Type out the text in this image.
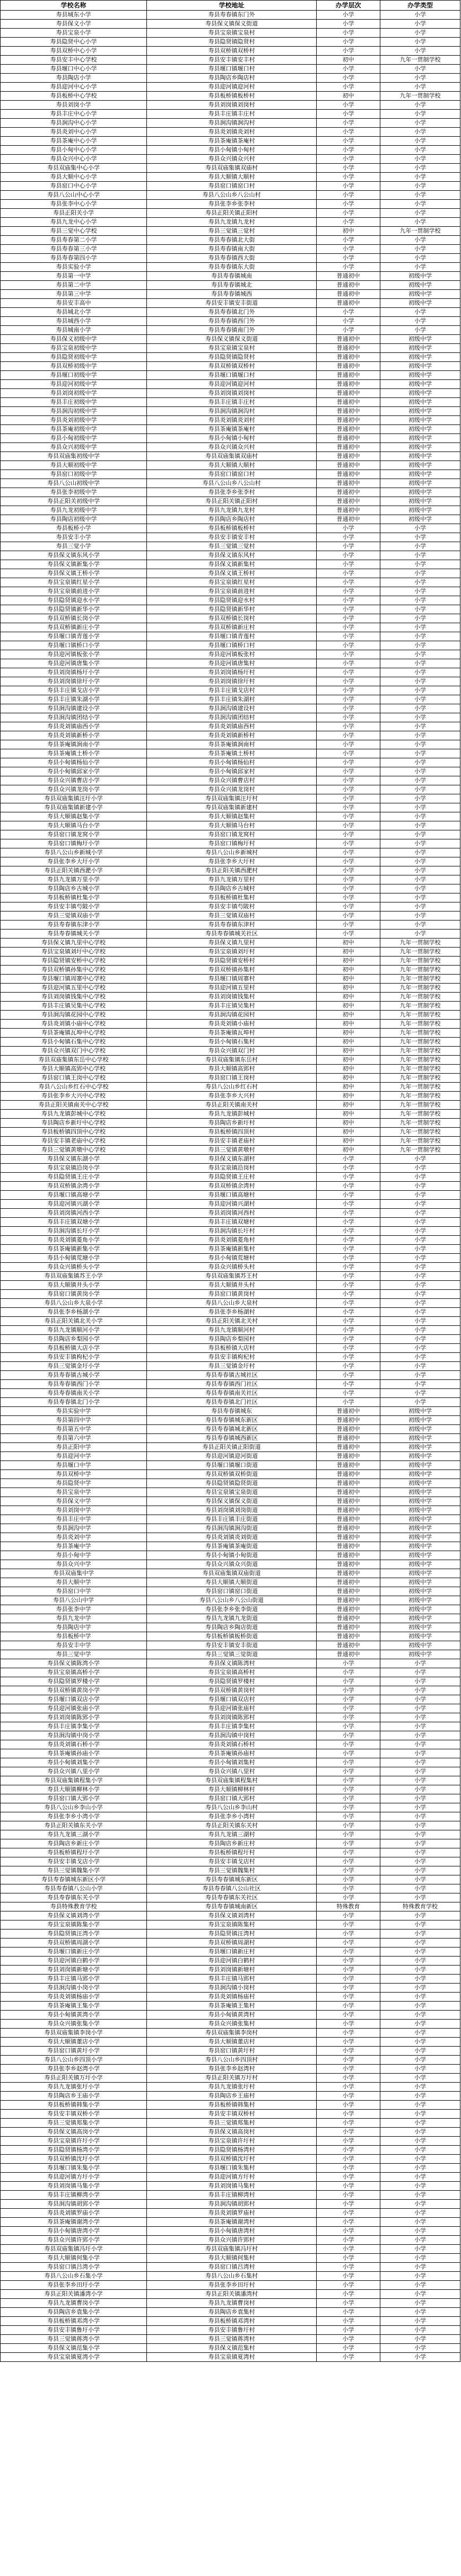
学校名称	学校地址	办学层次	办学类型
寿县城东小学	寿县寿春镇东门外	小学	小学
寿县保义小学	寿县保义镇保义街道	小学	小学
寿县宝泉小学	寿县宝泉镇宝泉村	小学	小学
寿县隐贤中心小学	寿县隐贤镇隐贤村	小学	小学
寿县双桥中心小学	寿县双桥镇双桥村	小学	小学
寿县安丰中心学校	寿县安丰镇安丰村	初中	九年一贯制学校
寿县堰口中心小学	寿县堰口镇堰口村	小学	小学
寿县陶店小学	寿县陶店乡陶店村	小学	小学
寿县迎河中心小学	寿县迎河镇迎河村	小学	小学
寿县板桥中心学校	寿县板桥镇板桥村	初中	九年一贯制学校
寿县刘岗小学	寿县刘岗镇刘岗村	小学	小学
寿县丰庄中心小学	寿县丰庄镇丰庄村	小学	小学
寿县涧沟中心小学	寿县涧沟镇涧沟村	小学	小学
寿县炎刘中心小学	寿县炎刘镇炎刘村	小学	小学
寿县茶庵中心小学	寿县茶庵镇茶庵村	小学	小学
寿县小甸中心小学	寿县小甸镇小甸村	小学	小学
寿县众兴中心小学	寿县众兴镇众兴村	小学	小学
寿县双庙集中心小学	寿县双庙集镇双庙村	小学	小学
寿县大顺中心小学	寿县大顺镇大顺村	小学	小学
寿县窑口中心小学	寿县窑口镇窑口村	小学	小学
寿县八公山中心小学	寿县八公山乡八公山村	小学	小学
寿县张李中心小学	寿县张李乡张李村	小学	小学
寿县正阳关小学	寿县正阳关镇正阳村	小学	小学
寿县九龙中心小学	寿县九龙镇九龙村	小学	小学
寿县三觉中心学校	寿县三觉镇三觉村	初中	九年一贯制学校
寿县寿春第二小学	寿县寿春镇北大街	小学	小学
寿县寿春第三小学	寿县寿春镇南大街	小学	小学
寿县寿春第四小学	寿县寿春镇西大街	小学	小学
寿县实验小学	寿县寿春镇东大街	小学	小学
寿县第一中学	寿县寿春镇城南	普通初中	初级中学
寿县第二中学	寿县寿春镇城北	普通初中	初级中学
寿县第三中学	寿县寿春镇城西	普通初中	初级中学
寿县安丰高中	寿县安丰镇安丰街道	普通初中	初级中学
寿县城北小学	寿县寿春镇北门外	小学	小学
寿县城西小学	寿县寿春镇西门外	小学	小学
寿县城南小学	寿县寿春镇南门外	小学	小学
寿县保义初级中学	寿县保义镇保义街道	普通初中	初级中学
寿县宝泉初级中学	寿县宝泉镇宝泉村	普通初中	初级中学
寿县隐贤初级中学	寿县隐贤镇隐贤村	普通初中	初级中学
寿县双桥初级中学	寿县双桥镇双桥村	普通初中	初级中学
寿县堰口初级中学	寿县堰口镇堰口村	普通初中	初级中学
寿县迎河初级中学	寿县迎河镇迎河村	普通初中	初级中学
寿县刘岗初级中学	寿县刘岗镇刘岗村	普通初中	初级中学
寿县丰庄初级中学	寿县丰庄镇丰庄村	普通初中	初级中学
寿县涧沟初级中学	寿县涧沟镇涧沟村	普通初中	初级中学
寿县炎刘初级中学	寿县炎刘镇炎刘村	普通初中	初级中学
寿县茶庵初级中学	寿县茶庵镇茶庵村	普通初中	初级中学
寿县小甸初级中学	寿县小甸镇小甸村	普通初中	初级中学
寿县众兴初级中学	寿县众兴镇众兴村	普通初中	初级中学
寿县双庙集初级中学	寿县双庙集镇双庙村	普通初中	初级中学
寿县大顺初级中学	寿县大顺镇大顺村	普通初中	初级中学
寿县窑口初级中学	寿县窑口镇窑口村	普通初中	初级中学
寿县八公山初级中学	寿县八公山乡八公山村	普通初中	初级中学
寿县张李初级中学	寿县张李乡张李村	普通初中	初级中学
寿县正阳关初级中学	寿县正阳关镇正阳村	普通初中	初级中学
寿县九龙初级中学	寿县九龙镇九龙村	普通初中	初级中学
寿县陶店初级中学	寿县陶店乡陶店村	普通初中	初级中学
寿县板桥小学	寿县板桥镇板桥村	小学	小学
寿县安丰小学	寿县安丰镇安丰村	小学	小学
寿县三觉小学	寿县三觉镇三觉村	小学	小学
寿县保义镇东风小学	寿县保义镇东风村	小学	小学
寿县保义镇新集小学	寿县保义镇新集村	小学	小学
寿县保义镇王桥小学	寿县保义镇王桥村	小学	小学
寿县宝泉镇红星小学	寿县宝泉镇红星村	小学	小学
寿县宝泉镇前进小学	寿县宝泉镇前进村	小学	小学
寿县隐贤镇迎水小学	寿县隐贤镇迎水村	小学	小学
寿县隐贤镇新华小学	寿县隐贤镇新华村	小学	小学
寿县双桥镇长岗小学	寿县双桥镇长岗村	小学	小学
寿县双桥镇新庄小学	寿县双桥镇新庄村	小学	小学
寿县堰口镇青莲小学	寿县堰口镇青莲村	小学	小学
寿县堰口镇桥口小学	寿县堰口镇桥口村	小学	小学
寿县迎河镇板张小学	寿县迎河镇板张村	小学	小学
寿县迎河镇唐集小学	寿县迎河镇唐集村	小学	小学
寿县刘岗镇杨圩小学	寿县刘岗镇杨圩村	小学	小学
寿县刘岗镇徐圩小学	寿县刘岗镇徐圩村	小学	小学
寿县丰庄镇戈店小学	寿县丰庄镇戈店村	小学	小学
寿县丰庄镇朱湖小学	寿县丰庄镇朱湖村	小学	小学
寿县涧沟镇建设小学	寿县涧沟镇建设村	小学	小学
寿县涧沟镇团结小学	寿县涧沟镇团结村	小学	小学
寿县炎刘镇庙西小学	寿县炎刘镇庙西村	小学	小学
寿县炎刘镇新桥小学	寿县炎刘镇新桥村	小学	小学
寿县茶庵镇涧南小学	寿县茶庵镇涧南村	小学	小学
寿县茶庵镇土桥小学	寿县茶庵镇土桥村	小学	小学
寿县小甸镇杨仙小学	寿县小甸镇杨仙村	小学	小学
寿县小甸镇邱家小学	寿县小甸镇邱家村	小学	小学
寿县众兴镇曹店小学	寿县众兴镇曹店村	小学	小学
寿县众兴镇龙岗小学	寿县众兴镇龙岗村	小学	小学
寿县双庙集镇汪圩小学	寿县双庙集镇汪圩村	小学	小学
寿县双庙集镇新建小学	寿县双庙集镇新建村	小学	小学
寿县大顺镇赵集小学	寿县大顺镇赵集村	小学	小学
寿县大顺镇马台小学	寿县大顺镇马台村	小学	小学
寿县窑口镇龙窝小学	寿县窑口镇龙窝村	小学	小学
寿县窑口镇梅圩小学	寿县窑口镇梅圩村	小学	小学
寿县八公山乡新城小学	寿县八公山乡新城村	小学	小学
寿县张李乡大圩小学	寿县张李乡大圩村	小学	小学
寿县正阳关镇西淝小学	寿县正阳关镇西淝村	小学	小学
寿县九龙镇万里小学	寿县九龙镇万里村	小学	小学
寿县陶店乡古城小学	寿县陶店乡古城村	小学	小学
寿县板桥镇杜集小学	寿县板桥镇杜集村	小学	小学
寿县安丰镇芍陂小学	寿县安丰镇芍陂村	小学	小学
寿县三觉镇双庙小学	寿县三觉镇双庙村	小学	小学
寿县寿春镇东津小学	寿县寿春镇东津村	小学	小学
寿县寿春镇城关小学	寿县寿春镇城关社区	小学	小学
寿县保义镇九里中心学校	寿县保义镇九里村	初中	九年一贯制学校
寿县宝泉镇刘圩中心学校	寿县宝泉镇刘圩村	初中	九年一贯制学校
寿县隐贤镇安桥中心学校	寿县隐贤镇安桥村	初中	九年一贯制学校
寿县双桥镇孙集中心学校	寿县双桥镇孙集村	初中	九年一贯制学校
寿县堰口镇周寨中心学校	寿县堰口镇周寨村	初中	九年一贯制学校
寿县迎河镇五里中心学校	寿县迎河镇五里村	初中	九年一贯制学校
寿县刘岗镇钱集中心学校	寿县刘岗镇钱集村	初中	九年一贯制学校
寿县丰庄镇吴集中心学校	寿县丰庄镇吴集村	初中	九年一贯制学校
寿县涧沟镇花园中心学校	寿县涧沟镇花园村	初中	九年一贯制学校
寿县炎刘镇小庙中心学校	寿县炎刘镇小庙村	初中	九年一贯制学校
寿县茶庵镇瓦埠中心学校	寿县茶庵镇瓦埠村	初中	九年一贯制学校
寿县小甸镇石集中心学校	寿县小甸镇石集村	初中	九年一贯制学校
寿县众兴镇双门中心学校	寿县众兴镇双门村	初中	九年一贯制学校
寿县双庙集镇东岳中心学校	寿县双庙集镇东岳村	初中	九年一贯制学校
寿县大顺镇高郢中心学校	寿县大顺镇高郢村	初中	九年一贯制学校
寿县窑口镇王岗中心学校	寿县窑口镇王岗村	初中	九年一贯制学校
寿县八公山乡红石中心学校	寿县八公山乡红石村	初中	九年一贯制学校
寿县张李乡大兴中心学校	寿县张李乡大兴村	初中	九年一贯制学校
寿县正阳关镇南关中心学校	寿县正阳关镇南关村	初中	九年一贯制学校
寿县九龙镇彭城中心学校	寿县九龙镇彭城村	初中	九年一贯制学校
寿县陶店乡新圩中心学校	寿县陶店乡新圩村	初中	九年一贯制学校
寿县板桥镇四顶中心学校	寿县板桥镇四顶村	初中	九年一贯制学校
寿县安丰镇老庙中心学校	寿县安丰镇老庙村	初中	九年一贯制学校
寿县三觉镇黄墩中心学校	寿县三觉镇黄墩村	初中	九年一贯制学校
寿县保义镇东湖小学	寿县保义镇东湖村	小学	小学
寿县宝泉镇沿岗小学	寿县宝泉镇沿岗村	小学	小学
寿县隐贤镇王庄小学	寿县隐贤镇王庄村	小学	小学
寿县双桥镇余湾小学	寿县双桥镇余湾村	小学	小学
寿县堰口镇高塘小学	寿县堰口镇高塘村	小学	小学
寿县迎河镇兴湖小学	寿县迎河镇兴湖村	小学	小学
寿县刘岗镇河西小学	寿县刘岗镇河西村	小学	小学
寿县丰庄镇双塘小学	寿县丰庄镇双塘村	小学	小学
寿县涧沟镇长圩小学	寿县涧沟镇长圩村	小学	小学
寿县炎刘镇菱角小学	寿县炎刘镇菱角村	小学	小学
寿县茶庵镇新集小学	寿县茶庵镇新集村	小学	小学
寿县小甸镇荒塘小学	寿县小甸镇荒塘村	小学	小学
寿县众兴镇桥头小学	寿县众兴镇桥头村	小学	小学
寿县双庙集镇苏王小学	寿县双庙集镇苏王村	小学	小学
寿县大顺镇井头小学	寿县大顺镇井头村	小学	小学
寿县窑口镇黄岗小学	寿县窑口镇黄岗村	小学	小学
寿县八公山乡大泉小学	寿县八公山乡大泉村	小学	小学
寿县张李乡杨湖小学	寿县张李乡杨湖村	小学	小学
寿县正阳关镇北关小学	寿县正阳关镇北关村	小学	小学
寿县九龙镇顺河小学	寿县九龙镇顺河村	小学	小学
寿县陶店乡梨园小学	寿县陶店乡梨园村	小学	小学
寿县板桥镇大店小学	寿县板桥镇大店村	小学	小学
寿县安丰镇枸杞小学	寿县安丰镇枸杞村	小学	小学
寿县三觉镇金圩小学	寿县三觉镇金圩村	小学	小学
寿县寿春镇古城小学	寿县寿春镇古城社区	小学	小学
寿县寿春镇西门小学	寿县寿春镇西门社区	小学	小学
寿县寿春镇南关小学	寿县寿春镇南关社区	小学	小学
寿县寿春镇北门小学	寿县寿春镇北门社区	小学	小学
寿县实验中学	寿县寿春镇城东	普通初中	初级中学
寿县第四中学	寿县寿春镇城东新区	普通初中	初级中学
寿县第五中学	寿县寿春镇城北新区	普通初中	初级中学
寿县第六中学	寿县寿春镇城西新区	普通初中	初级中学
寿县正阳中学	寿县正阳关镇正阳街道	普通初中	初级中学
寿县迎河中学	寿县迎河镇迎河街道	普通初中	初级中学
寿县堰口中学	寿县堰口镇堰口街道	普通初中	初级中学
寿县双桥中学	寿县双桥镇双桥街道	普通初中	初级中学
寿县隐贤中学	寿县隐贤镇隐贤街道	普通初中	初级中学
寿县宝泉中学	寿县宝泉镇宝泉街道	普通初中	初级中学
寿县保义中学	寿县保义镇保义街道	普通初中	初级中学
寿县刘岗中学	寿县刘岗镇刘岗街道	普通初中	初级中学
寿县丰庄中学	寿县丰庄镇丰庄街道	普通初中	初级中学
寿县涧沟中学	寿县涧沟镇涧沟街道	普通初中	初级中学
寿县炎刘中学	寿县炎刘镇炎刘街道	普通初中	初级中学
寿县茶庵中学	寿县茶庵镇茶庵街道	普通初中	初级中学
寿县小甸中学	寿县小甸镇小甸街道	普通初中	初级中学
寿县众兴中学	寿县众兴镇众兴街道	普通初中	初级中学
寿县双庙集中学	寿县双庙集镇双庙街道	普通初中	初级中学
寿县大顺中学	寿县大顺镇大顺街道	普通初中	初级中学
寿县窑口中学	寿县窑口镇窑口街道	普通初中	初级中学
寿县八公山中学	寿县八公山乡八公山街道	普通初中	初级中学
寿县张李中学	寿县张李乡张李街道	普通初中	初级中学
寿县九龙中学	寿县九龙镇九龙街道	普通初中	初级中学
寿县陶店中学	寿县陶店乡陶店街道	普通初中	初级中学
寿县板桥中学	寿县板桥镇板桥街道	普通初中	初级中学
寿县安丰中学	寿县安丰镇安丰街道	普通初中	初级中学
寿县三觉中学	寿县三觉镇三觉街道	普通初中	初级中学
寿县保义镇陈湾小学	寿县保义镇陈湾村	小学	小学
寿县宝泉镇高桥小学	寿县宝泉镇高桥村	小学	小学
寿县隐贤镇罗楼小学	寿县隐贤镇罗楼村	小学	小学
寿县双桥镇黄岗小学	寿县双桥镇黄岗村	小学	小学
寿县堰口镇双店小学	寿县堰口镇双店村	小学	小学
寿县迎河镇张庙小学	寿县迎河镇张庙村	小学	小学
寿县刘岗镇陈郢小学	寿县刘岗镇陈郢村	小学	小学
寿县丰庄镇李集小学	寿县丰庄镇李集村	小学	小学
寿县涧沟镇中岗小学	寿县涧沟镇中岗村	小学	小学
寿县炎刘镇石桥小学	寿县炎刘镇石桥村	小学	小学
寿县茶庵镇孙庙小学	寿县茶庵镇孙庙村	小学	小学
寿县小甸镇刘集小学	寿县小甸镇刘集村	小学	小学
寿县众兴镇八里小学	寿县众兴镇八里村	小学	小学
寿县双庙集镇程集小学	寿县双庙集镇程集村	小学	小学
寿县大顺镇柳林小学	寿县大顺镇柳林村	小学	小学
寿县窑口镇大郢小学	寿县窑口镇大郢村	小学	小学
寿县八公山乡李山小学	寿县八公山乡李山村	小学	小学
寿县张李乡小湾小学	寿县张李乡小湾村	小学	小学
寿县正阳关镇东关小学	寿县正阳关镇东关村	小学	小学
寿县九龙镇三湖小学	寿县九龙镇三湖村	小学	小学
寿县陶店乡新庄小学	寿县陶店乡新庄村	小学	小学
寿县板桥镇程圩小学	寿县板桥镇程圩村	小学	小学
寿县安丰镇戈店小学	寿县安丰镇戈店村	小学	小学
寿县三觉镇魏集小学	寿县三觉镇魏集村	小学	小学
寿县寿春镇城东新区小学	寿县寿春镇城东新区	小学	小学
寿县寿春镇八公山小学	寿县寿春镇八公山社区	小学	小学
寿县寿春镇东关小学	寿县寿春镇东关社区	小学	小学
寿县特殊教育学校	寿县寿春镇城南新区	特殊教育	特殊教育学校
寿县保义镇刘湾小学	寿县保义镇刘湾村	小学	小学
寿县宝泉镇陈集小学	寿县宝泉镇陈集村	小学	小学
寿县隐贤镇汪湾小学	寿县隐贤镇汪湾村	小学	小学
寿县双桥镇周湖小学	寿县双桥镇周湖村	小学	小学
寿县堰口镇新庄小学	寿县堰口镇新庄村	小学	小学
寿县迎河镇白鹤小学	寿县迎河镇白鹤村	小学	小学
寿县刘岗镇新塘小学	寿县刘岗镇新塘村	小学	小学
寿县丰庄镇马郢小学	寿县丰庄镇马郢村	小学	小学
寿县涧沟镇小岗小学	寿县涧沟镇小岗村	小学	小学
寿县炎刘镇杨庙小学	寿县炎刘镇杨庙村	小学	小学
寿县茶庵镇王集小学	寿县茶庵镇王集村	小学	小学
寿县小甸镇黄湾小学	寿县小甸镇黄湾村	小学	小学
寿县众兴镇张集小学	寿县众兴镇张集村	小学	小学
寿县双庙集镇李岗小学	寿县双庙集镇李岗村	小学	小学
寿县大顺镇董店小学	寿县大顺镇董店村	小学	小学
寿县窑口镇黄圩小学	寿县窑口镇黄圩村	小学	小学
寿县八公山乡四顶小学	寿县八公山乡四顶村	小学	小学
寿县张李乡赵湾小学	寿县张李乡赵湾村	小学	小学
寿县正阳关镇万圩小学	寿县正阳关镇万圩村	小学	小学
寿县九龙镇张圩小学	寿县九龙镇张圩村	小学	小学
寿县陶店乡王庙小学	寿县陶店乡王庙村	小学	小学
寿县板桥镇韩集小学	寿县板桥镇韩集村	小学	小学
寿县安丰镇双桥小学	寿县安丰镇双桥村	小学	小学
寿县三觉镇郑集小学	寿县三觉镇郑集村	小学	小学
寿县保义镇高岗小学	寿县保义镇高岗村	小学	小学
寿县宝泉镇许圩小学	寿县宝泉镇许圩村	小学	小学
寿县隐贤镇杨湾小学	寿县隐贤镇杨湾村	小学	小学
寿县双桥镇沈圩小学	寿县双桥镇沈圩村	小学	小学
寿县堰口镇朱集小学	寿县堰口镇朱集村	小学	小学
寿县迎河镇方圩小学	寿县迎河镇方圩村	小学	小学
寿县刘岗镇马集小学	寿县刘岗镇马集村	小学	小学
寿县丰庄镇柳湾小学	寿县丰庄镇柳湾村	小学	小学
寿县涧沟镇胡郢小学	寿县涧沟镇胡郢村	小学	小学
寿县炎刘镇罗庙小学	寿县炎刘镇罗庙村	小学	小学
寿县茶庵镇谢湾小学	寿县茶庵镇谢湾村	小学	小学
寿县小甸镇唐湾小学	寿县小甸镇唐湾村	小学	小学
寿县众兴镇许郢小学	寿县众兴镇许郢村	小学	小学
寿县双庙集镇冯圩小学	寿县双庙集镇冯圩村	小学	小学
寿县大顺镇何集小学	寿县大顺镇何集村	小学	小学
寿县窑口镇吕湾小学	寿县窑口镇吕湾村	小学	小学
寿县八公山乡石集小学	寿县八公山乡石集村	小学	小学
寿县张李乡田圩小学	寿县张李乡田圩村	小学	小学
寿县正阳关镇潘湾小学	寿县正阳关镇潘湾村	小学	小学
寿县九龙镇曹岗小学	寿县九龙镇曹岗村	小学	小学
寿县陶店乡袁集小学	寿县陶店乡袁集村	小学	小学
寿县板桥镇邓湾小学	寿县板桥镇邓湾村	小学	小学
寿县安丰镇鲁圩小学	寿县安丰镇鲁圩村	小学	小学
寿县三觉镇蒋湾小学	寿县三觉镇蒋湾村	小学	小学
寿县保义镇范集小学	寿县保义镇范集村	小学	小学
寿县宝泉镇夏湾小学	寿县宝泉镇夏湾村	小学	小学
